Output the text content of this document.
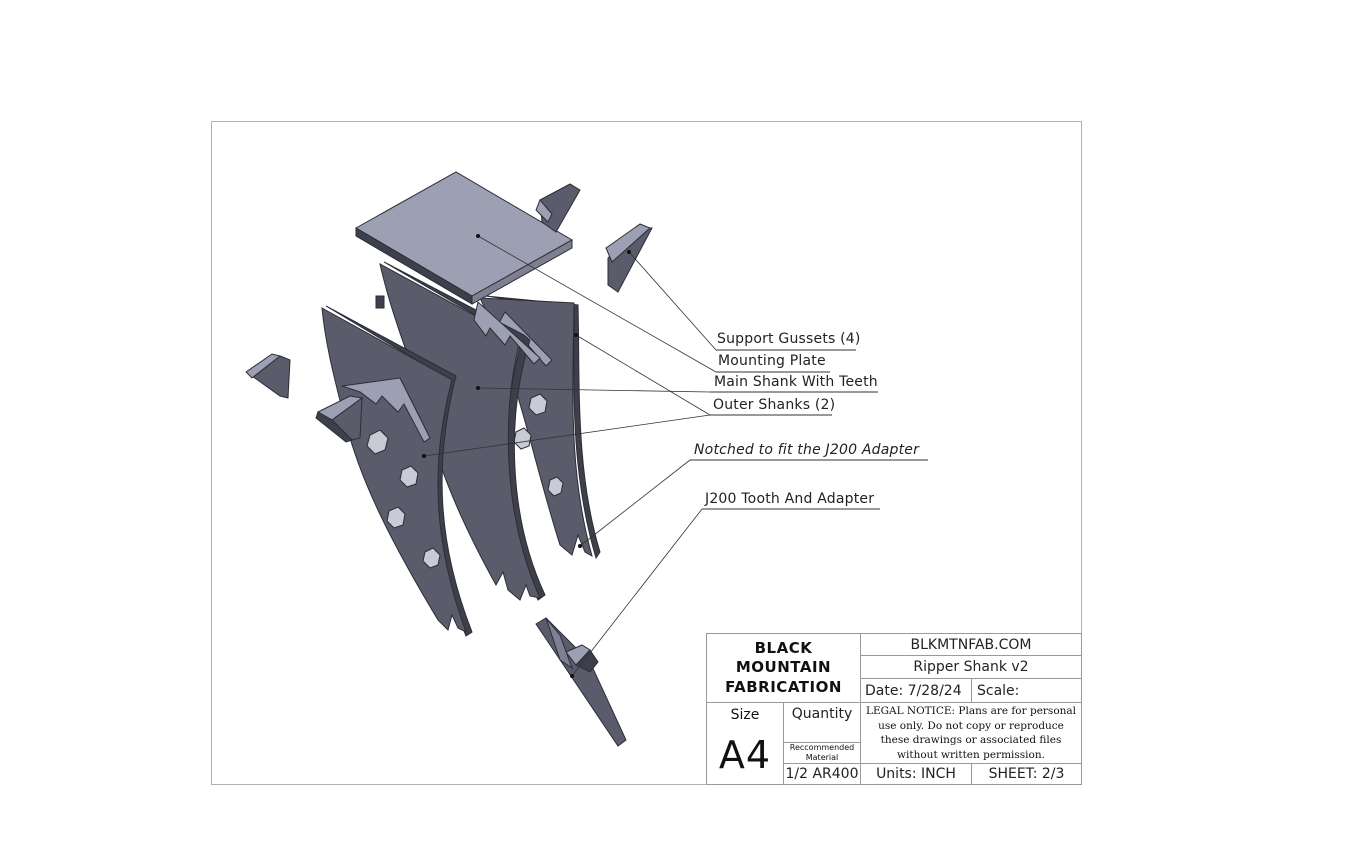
Support Gussets (4)
Mounting Plate
Main Shank With Teeth
Outer Shanks (2)
Notched to fit the J200 Adapter
J200 Tooth And Adapter
BLACK
MOUNTAIN
FABRICATION
BLKMTNFAB.COM
Ripper Shank v2
Date: 7/28/24 Scale:
Size
A4
Quantity
Reccommended Material
1/2 AR400
LEGAL NOTICE: Plans are for personal use only. Do not copy or reproduce these drawings or associated files without written permission.
Units: INCH SHEET: 2/3
